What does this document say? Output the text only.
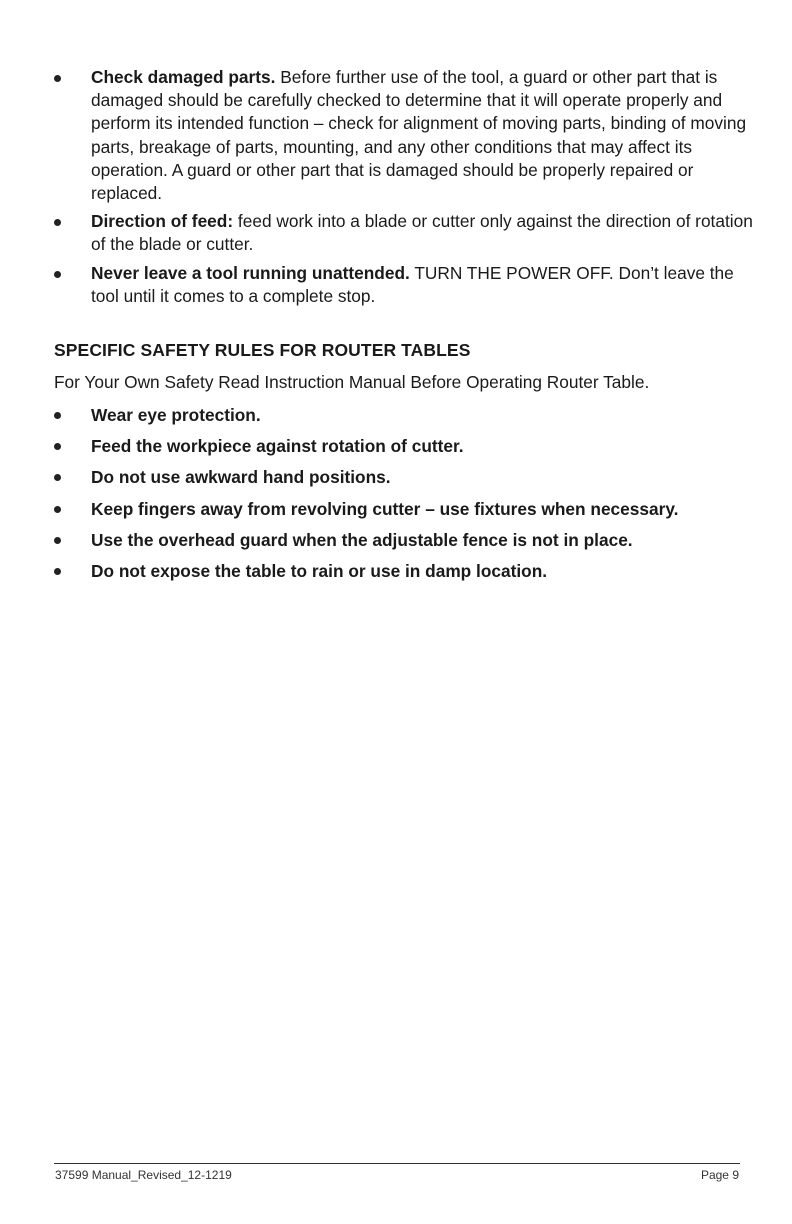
Check damaged parts. Before further use of the tool, a guard or other part that is damaged should be carefully checked to determine that it will operate properly and perform its intended function – check for alignment of moving parts, binding of moving parts, breakage of parts, mounting, and any other conditions that may affect its operation. A guard or other part that is damaged should be properly repaired or replaced.
Direction of feed: feed work into a blade or cutter only against the direction of rotation of the blade or cutter.
Never leave a tool running unattended. TURN THE POWER OFF. Don’t leave the tool until it comes to a complete stop.
SPECIFIC SAFETY RULES FOR ROUTER TABLES

For Your Own Safety Read Instruction Manual Before Operating Router Table.

Wear eye protection.
Feed the workpiece against rotation of cutter.
Do not use awkward hand positions.
Keep fingers away from revolving cutter – use fixtures when necessary.
Use the overhead guard when the adjustable fence is not in place.
Do not expose the table to rain or use in damp location.
37599 Manual_Revised_12-1219	Page 9
